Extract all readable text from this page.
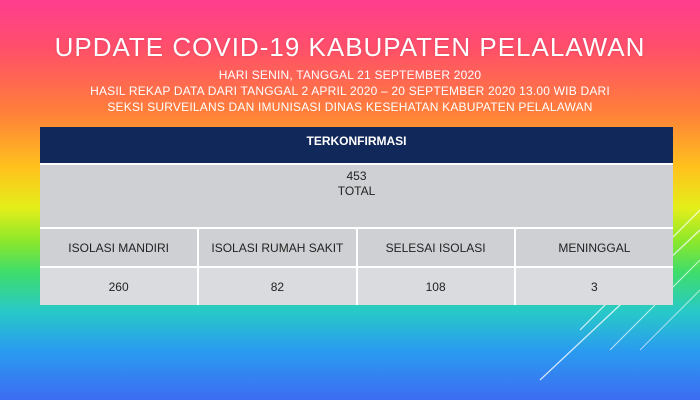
UPDATE COVID-19 KABUPATEN PELALAWAN
HARI SENIN, TANGGAL 21 SEPTEMBER 2020
HASIL REKAP DATA DARI TANGGAL 2 APRIL 2020 – 20 SEPTEMBER 2020 13.00 WIB DARI
SEKSI SURVEILANS DAN IMUNISASI DINAS KESEHATAN KABUPATEN PELALAWAN
TERKONFIRMASI			

453
TOTAL			
ISOLASI MANDIRI	ISOLASI RUMAH SAKIT	SELESAI ISOLASI	MENINGGAL
260	82	108	3
